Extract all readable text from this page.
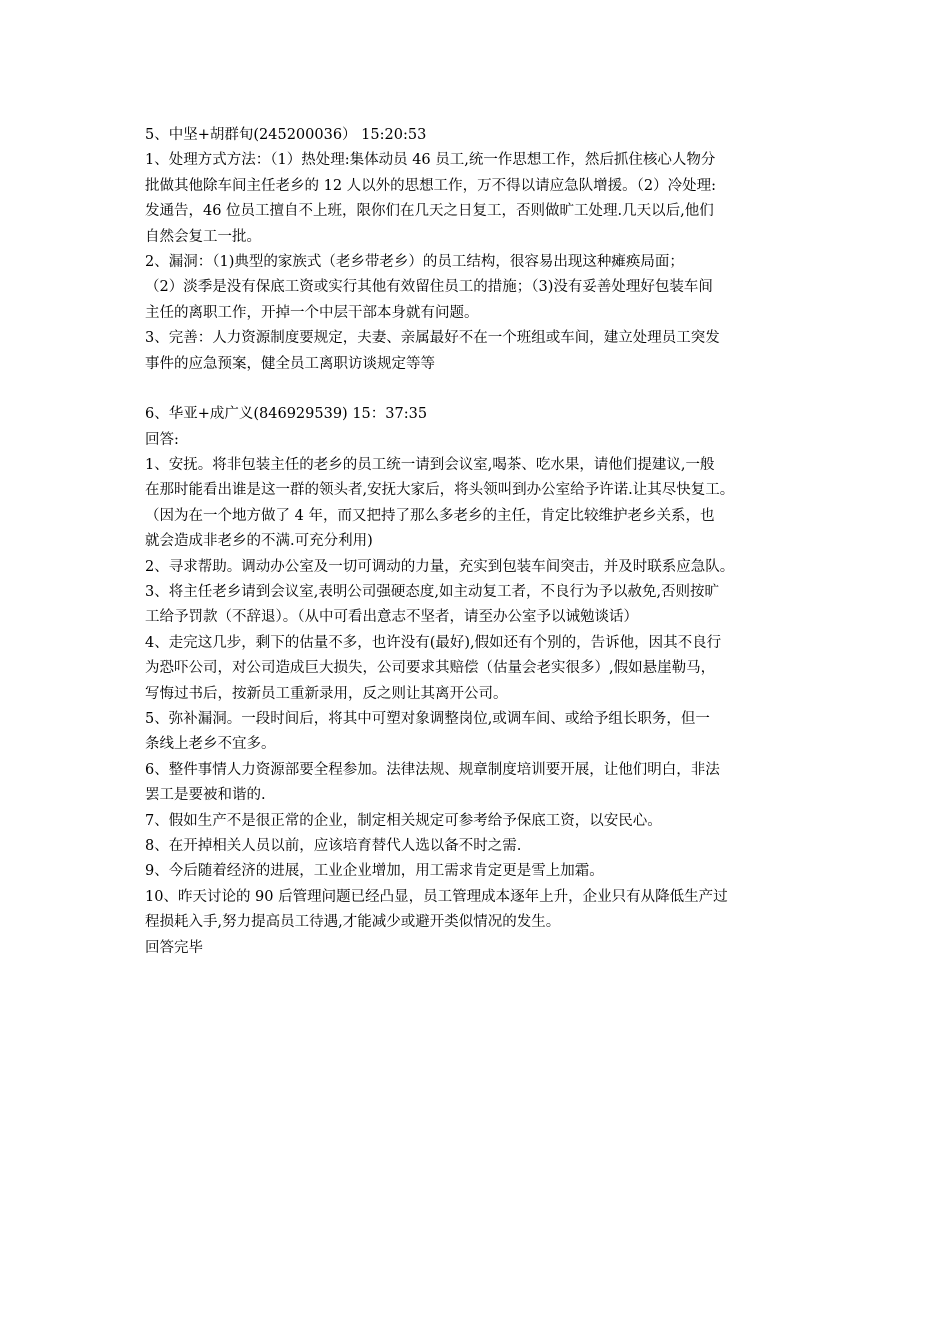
5、中坚+胡群旬(245200036） 15:20:53
1、处理方式方法：（1）热处理:集体动员 46 员工,统一作思想工作，然后抓住核心人物分
批做其他除车间主任老乡的 12 人以外的思想工作，万不得以请应急队增援。（2）冷处理:
发通告，46 位员工擅自不上班，限你们在几天之日复工，否则做旷工处理.几天以后,他们
自然会复工一批。
2、漏洞：（1)典型的家族式（老乡带老乡）的员工结构，很容易出现这种瘫痪局面；
（2）淡季是没有保底工资或实行其他有效留住员工的措施；（3)没有妥善处理好包装车间
主任的离职工作，开掉一个中层干部本身就有问题。
3、完善：人力资源制度要规定，夫妻、亲属最好不在一个班组或车间，建立处理员工突发
事件的应急预案，健全员工离职访谈规定等等
6、华亚+成广义(846929539) 15：37:35
回答:
1、安抚。将非包装主任的老乡的员工统一请到会议室,喝茶、吃水果，请他们提建议,一般
在那时能看出谁是这一群的领头者,安抚大家后，将头领叫到办公室给予许诺.让其尽快复工。
（因为在一个地方做了 4 年，而又把持了那么多老乡的主任，肯定比较维护老乡关系，也
就会造成非老乡的不满.可充分利用)
2、寻求帮助。调动办公室及一切可调动的力量，充实到包装车间突击，并及时联系应急队。
3、将主任老乡请到会议室,表明公司强硬态度,如主动复工者，不良行为予以赦免,否则按旷
工给予罚款（不辞退）。（从中可看出意志不坚者，请至办公室予以诫勉谈话）
4、走完这几步，剩下的估量不多，也许没有(最好),假如还有个别的，告诉他，因其不良行
为恐吓公司，对公司造成巨大损失，公司要求其赔偿（估量会老实很多）,假如悬崖勒马，
写悔过书后，按新员工重新录用，反之则让其离开公司。
5、弥补漏洞。一段时间后，将其中可塑对象调整岗位,或调车间、或给予组长职务，但一
条线上老乡不宜多。
6、整件事情人力资源部要全程参加。法律法规、规章制度培训要开展，让他们明白，非法
罢工是要被和谐的.
7、假如生产不是很正常的企业，制定相关规定可参考给予保底工资，以安民心。
8、在开掉相关人员以前，应该培育替代人选以备不时之需.
9、今后随着经济的进展，工业企业增加，用工需求肯定更是雪上加霜。
10、昨天讨论的 90 后管理问题已经凸显，员工管理成本逐年上升，企业只有从降低生产过
程损耗入手,努力提高员工待遇,才能减少或避开类似情况的发生。
回答完毕
